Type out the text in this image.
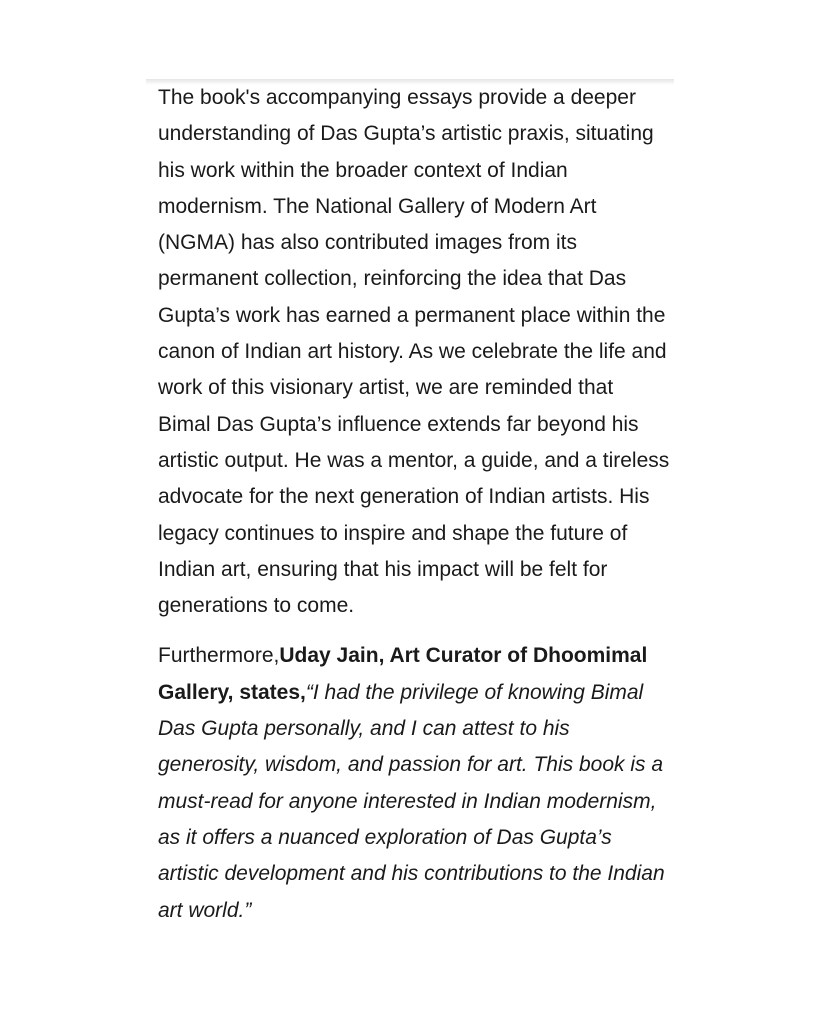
The book's accompanying essays provide a deeper understanding of Das Gupta’s artistic praxis, situating his work within the broader context of Indian modernism. The National Gallery of Modern Art (NGMA) has also contributed images from its permanent collection, reinforcing the idea that Das Gupta’s work has earned a permanent place within the canon of Indian art history. As we celebrate the life and work of this visionary artist, we are reminded that Bimal Das Gupta’s influence extends far beyond his artistic output. He was a mentor, a guide, and a tireless advocate for the next generation of Indian artists. His legacy continues to inspire and shape the future of Indian art, ensuring that his impact will be felt for generations to come.

Furthermore,Uday Jain, Art Curator of Dhoomimal Gallery, states,“I had the privilege of knowing Bimal Das Gupta personally, and I can attest to his generosity, wisdom, and passion for art. This book is a must-read for anyone interested in Indian modernism, as it offers a nuanced exploration of Das Gupta’s artistic development and his contributions to the Indian art world.”
